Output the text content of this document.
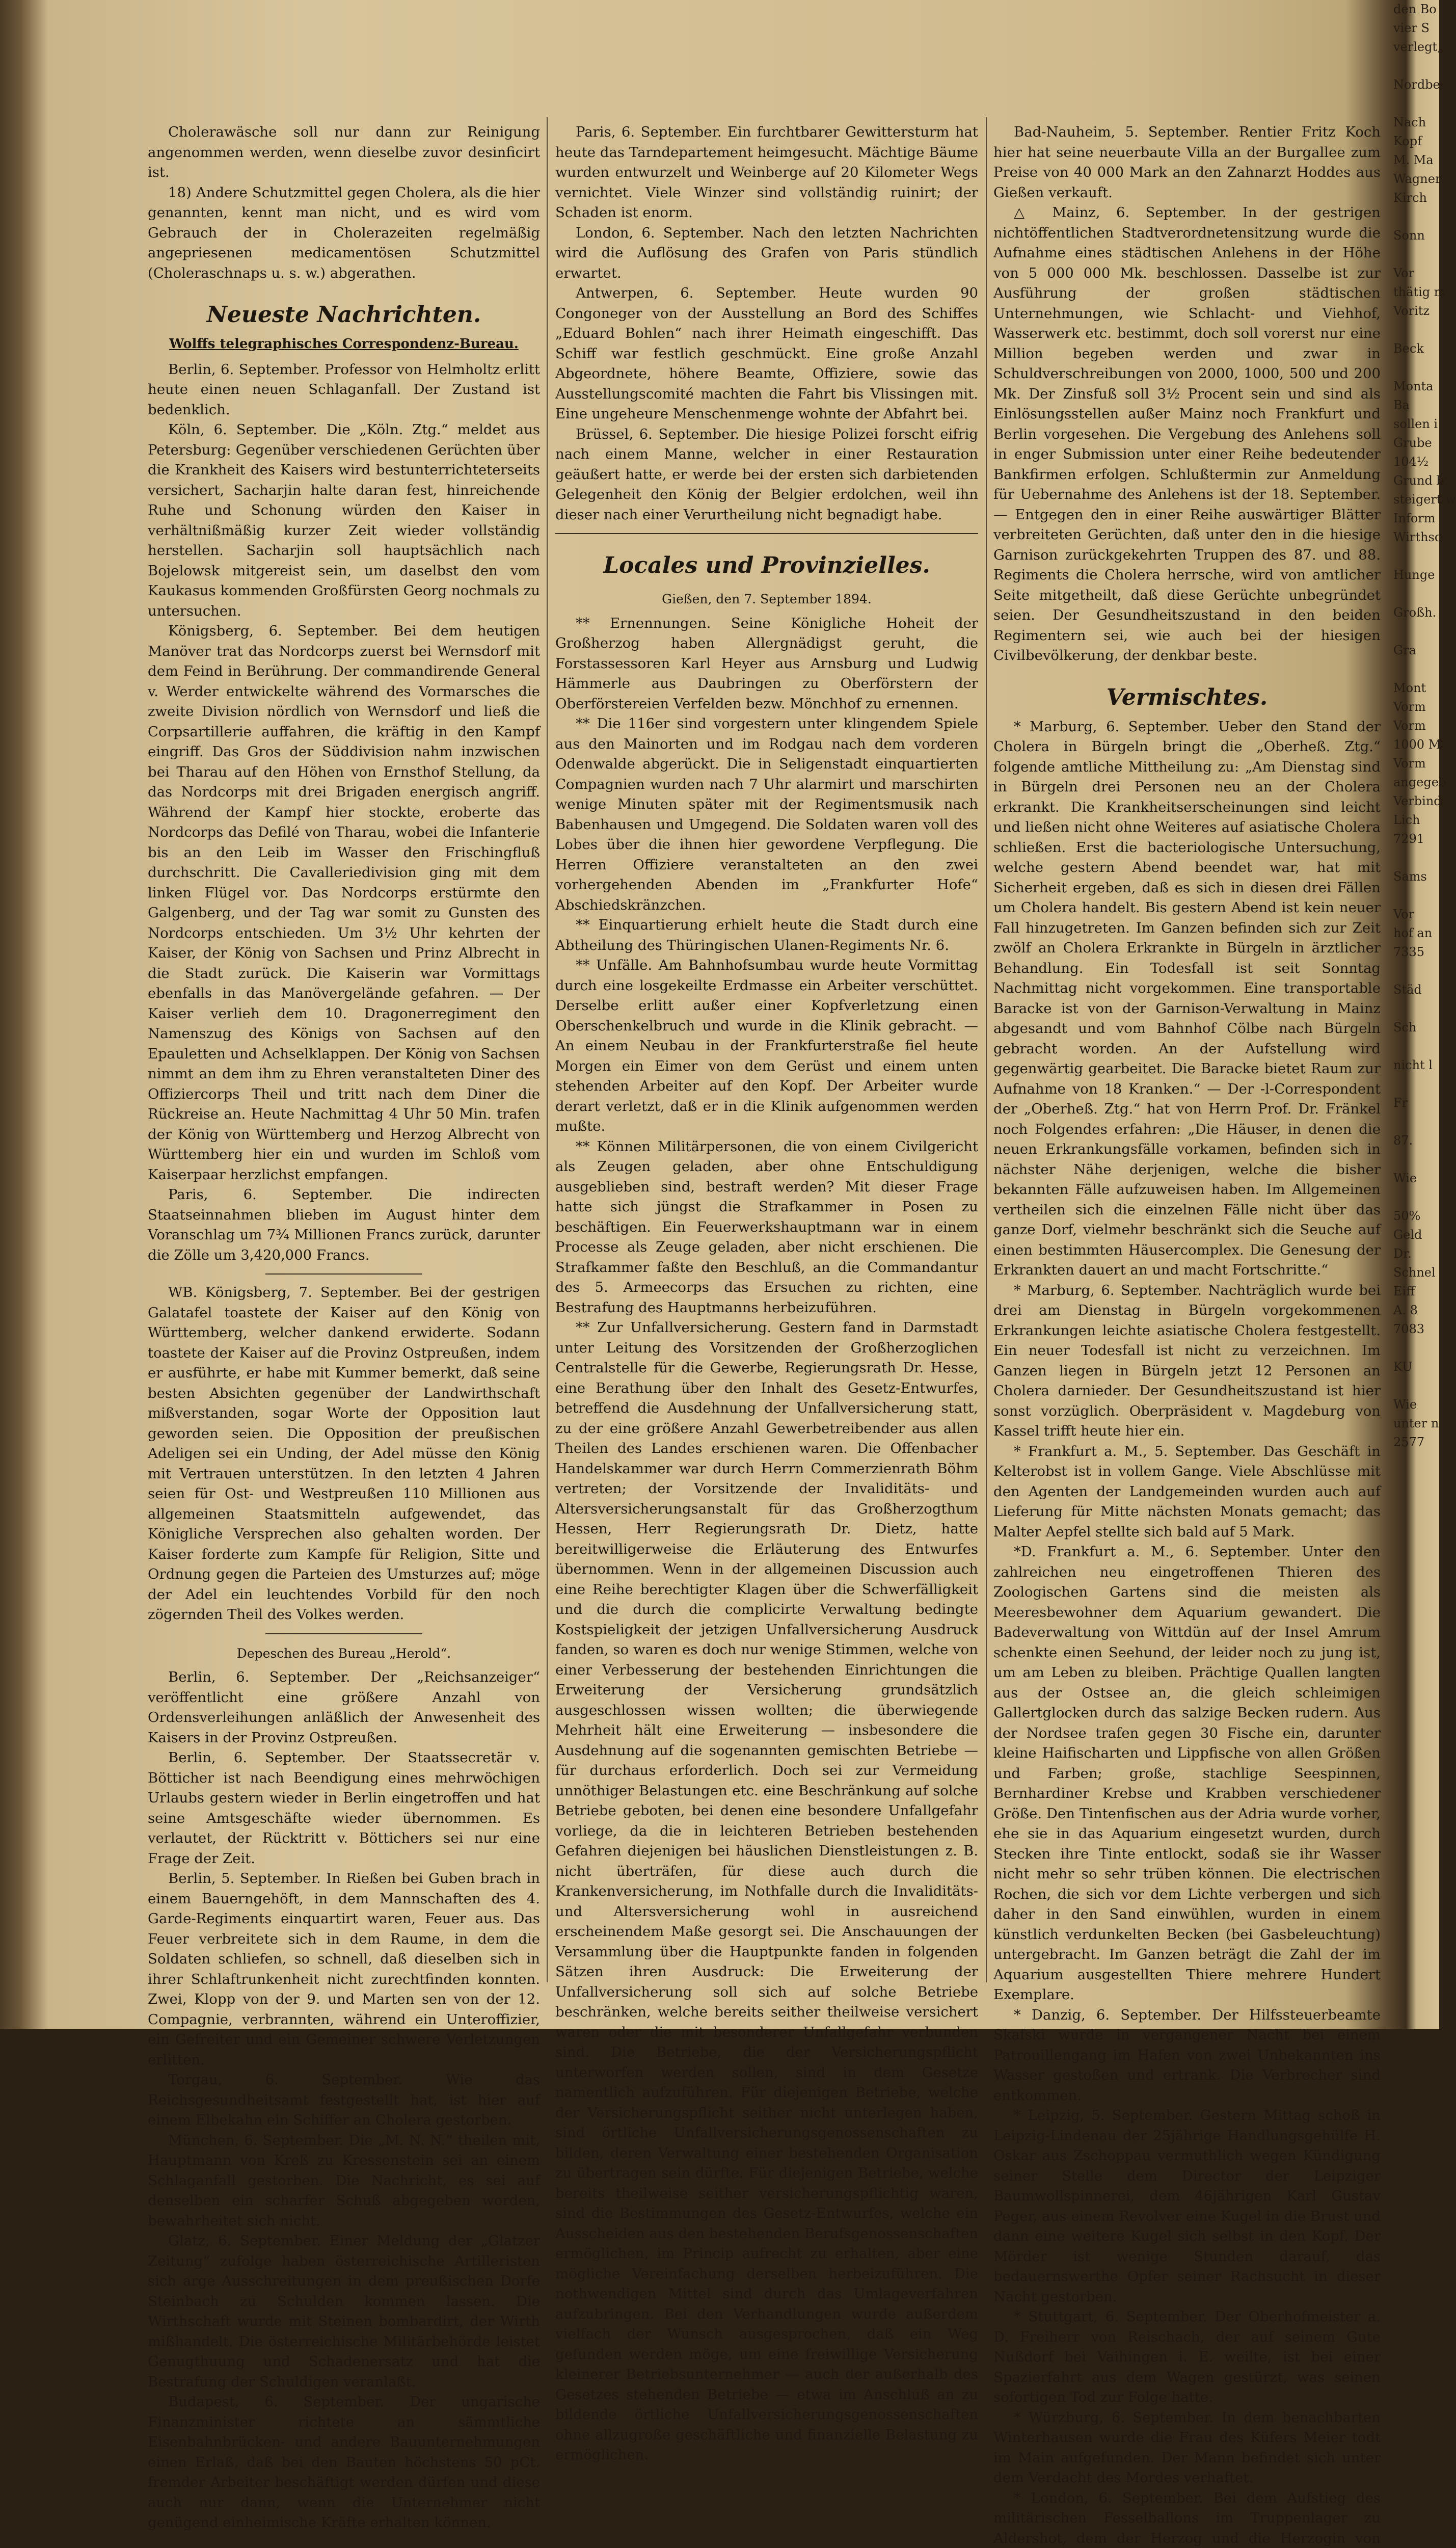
Cholerawäsche soll nur dann zur Reinigung angenommen werden, wenn dieselbe zuvor desinficirt ist.

18) Andere Schutzmittel gegen Cholera, als die hier genannten, kennt man nicht, und es wird vom Gebrauch der in Cholerazeiten regelmäßig angepriesenen medicamentösen Schutzmittel (Choleraschnaps u. s. w.) abgerathen.

Neueste Nachrichten.
Wolffs telegraphisches Correspondenz-Bureau.

Berlin, 6. September. Professor von Helmholtz erlitt heute einen neuen Schlaganfall. Der Zustand ist bedenklich.

Köln, 6. September. Die „Köln. Ztg.“ meldet aus Petersburg: Gegenüber verschiedenen Gerüchten über die Krankheit des Kaisers wird bestunterrichteterseits versichert, Sacharjin halte daran fest, hinreichende Ruhe und Schonung würden den Kaiser in verhältnißmäßig kurzer Zeit wieder vollständig herstellen. Sacharjin soll hauptsächlich nach Bojelowsk mitgereist sein, um daselbst den vom Kaukasus kommenden Großfürsten Georg nochmals zu untersuchen.

Königsberg, 6. September. Bei dem heutigen Manöver trat das Nordcorps zuerst bei Wernsdorf mit dem Feind in Berührung. Der commandirende General v. Werder entwickelte während des Vormarsches die zweite Division nördlich von Wernsdorf und ließ die Corpsartillerie auffahren, die kräftig in den Kampf eingriff. Das Gros der Süddivision nahm inzwischen bei Tharau auf den Höhen von Ernsthof Stellung, da das Nordcorps mit drei Brigaden energisch angriff. Während der Kampf hier stockte, eroberte das Nordcorps das Defilé von Tharau, wobei die Infanterie bis an den Leib im Wasser den Frischingfluß durchschritt. Die Cavalleriedivision ging mit dem linken Flügel vor. Das Nordcorps erstürmte den Galgenberg, und der Tag war somit zu Gunsten des Nordcorps entschieden. Um 3½ Uhr kehrten der Kaiser, der König von Sachsen und Prinz Albrecht in die Stadt zurück. Die Kaiserin war Vormittags ebenfalls in das Manövergelände gefahren. — Der Kaiser verlieh dem 10. Dragonerregiment den Namenszug des Königs von Sachsen auf den Epauletten und Achselklappen. Der König von Sachsen nimmt an dem ihm zu Ehren veranstalteten Diner des Offiziercorps Theil und tritt nach dem Diner die Rückreise an. Heute Nachmittag 4 Uhr 50 Min. trafen der König von Württemberg und Herzog Albrecht von Württemberg hier ein und wurden im Schloß vom Kaiserpaar herzlichst empfangen.

Paris, 6. September. Die indirecten Staatseinnahmen blieben im August hinter dem Voranschlag um 7¾ Millionen Francs zurück, darunter die Zölle um 3,420,000 Francs.

WB. Königsberg, 7. September. Bei der gestrigen Galatafel toastete der Kaiser auf den König von Württemberg, welcher dankend erwiderte. Sodann toastete der Kaiser auf die Provinz Ostpreußen, indem er ausführte, er habe mit Kummer bemerkt, daß seine besten Absichten gegenüber der Landwirthschaft mißverstanden, sogar Worte der Opposition laut geworden seien. Die Opposition der preußischen Adeligen sei ein Unding, der Adel müsse den König mit Vertrauen unterstützen. In den letzten 4 Jahren seien für Ost- und Westpreußen 110 Millionen aus allgemeinen Staatsmitteln aufgewendet, das Königliche Versprechen also gehalten worden. Der Kaiser forderte zum Kampfe für Religion, Sitte und Ordnung gegen die Parteien des Umsturzes auf; möge der Adel ein leuchtendes Vorbild für den noch zögernden Theil des Volkes werden.

Depeschen des Bureau „Herold“.

Berlin, 6. September. Der „Reichsanzeiger“ veröffentlicht eine größere Anzahl von Ordensverleihungen anläßlich der Anwesenheit des Kaisers in der Provinz Ostpreußen.

Berlin, 6. September. Der Staatssecretär v. Bötticher ist nach Beendigung eines mehrwöchigen Urlaubs gestern wieder in Berlin eingetroffen und hat seine Amtsgeschäfte wieder übernommen. Es verlautet, der Rücktritt v. Böttichers sei nur eine Frage der Zeit.

Berlin, 5. September. In Rießen bei Guben brach in einem Bauerngehöft, in dem Mannschaften des 4. Garde-Regiments einquartirt waren, Feuer aus. Das Feuer verbreitete sich in dem Raume, in dem die Soldaten schliefen, so schnell, daß dieselben sich in ihrer Schlaftrunkenheit nicht zurechtfinden konnten. Zwei, Klopp von der 9. und Marten sen von der 12. Compagnie, verbrannten, während ein Unteroffizier, ein Gefreiter und ein Gemeiner schwere Verletzungen erlitten.

Torgau, 6. September. Wie das Reichsgesundheitsamt festgestellt hat, ist hier auf einem Elbekahn ein Schiffer an Cholera gestorben.

München, 6. September. Die „M. N. N.“ theilen mit, Hauptmann von Kreß zu Kressenstein sei an einem Schlaganfall gestorben. Die Nachricht, es sei auf denselben ein scharfer Schuß abgegeben worden, bewahrheitet sich nicht.

Glatz, 6. September. Einer Meldung der „Glatzer Zeitung“ zufolge haben österreichische Artilleristen sich arge Ausschreitungen in dem preußischen Dorfe Steinbach zu Schulden kommen lassen. Die Wirthschaft wurde mit Steinen bombardirt, der Wirth mißhandelt. Die österreichische Militärbehörde leistet Genugthuung und Schadenersatz und hat die Bestrafung der Schuldigen veranlaßt.

Budapest, 6. September. Der ungarische Finanzminister richtete an sämmtliche Eisenbahnbrücken- und andere Bauunternehmungen einen Erlaß, daß bei den Bauten höchstens 50 pCt. fremder Arbeiter beschäftigt werden dürfen und diese auch nur dann, wenn die Unternehmer nicht genügend einheimische Kräfte erhalten können.

Paris, 6. September. Ein furchtbarer Gewittersturm hat heute das Tarndepartement heimgesucht. Mächtige Bäume wurden entwurzelt und Weinberge auf 20 Kilometer Wegs vernichtet. Viele Winzer sind vollständig ruinirt; der Schaden ist enorm.

London, 6. September. Nach den letzten Nachrichten wird die Auflösung des Grafen von Paris stündlich erwartet.

Antwerpen, 6. September. Heute wurden 90 Congoneger von der Ausstellung an Bord des Schiffes „Eduard Bohlen“ nach ihrer Heimath eingeschifft. Das Schiff war festlich geschmückt. Eine große Anzahl Abgeordnete, höhere Beamte, Offiziere, sowie das Ausstellungscomité machten die Fahrt bis Vlissingen mit. Eine ungeheure Menschenmenge wohnte der Abfahrt bei.

Brüssel, 6. September. Die hiesige Polizei forscht eifrig nach einem Manne, welcher in einer Restauration geäußert hatte, er werde bei der ersten sich darbietenden Gelegenheit den König der Belgier erdolchen, weil ihn dieser nach einer Verurtheilung nicht begnadigt habe.

Locales und Provinzielles.
Gießen, den 7. September 1894.

** Ernennungen. Seine Königliche Hoheit der Großherzog haben Allergnädigst geruht, die Forstassessoren Karl Heyer aus Arnsburg und Ludwig Hämmerle aus Daubringen zu Oberförstern der Oberförstereien Verfelden bezw. Mönchhof zu ernennen.

** Die 116er sind vorgestern unter klingendem Spiele aus den Mainorten und im Rodgau nach dem vorderen Odenwalde abgerückt. Die in Seligenstadt einquartierten Compagnien wurden nach 7 Uhr alarmirt und marschirten wenige Minuten später mit der Regimentsmusik nach Babenhausen und Umgegend. Die Soldaten waren voll des Lobes über die ihnen hier gewordene Verpflegung. Die Herren Offiziere veranstalteten an den zwei vorhergehenden Abenden im „Frankfurter Hofe“ Abschiedskränzchen.

** Einquartierung erhielt heute die Stadt durch eine Abtheilung des Thüringischen Ulanen-Regiments Nr. 6.

** Unfälle. Am Bahnhofsumbau wurde heute Vormittag durch eine losgekeilte Erdmasse ein Arbeiter verschüttet. Derselbe erlitt außer einer Kopfverletzung einen Oberschenkelbruch und wurde in die Klinik gebracht. — An einem Neubau in der Frankfurterstraße fiel heute Morgen ein Eimer von dem Gerüst und einem unten stehenden Arbeiter auf den Kopf. Der Arbeiter wurde derart verletzt, daß er in die Klinik aufgenommen werden mußte.

** Können Militärpersonen, die von einem Civilgericht als Zeugen geladen, aber ohne Entschuldigung ausgeblieben sind, bestraft werden? Mit dieser Frage hatte sich jüngst die Strafkammer in Posen zu beschäftigen. Ein Feuerwerkshauptmann war in einem Processe als Zeuge geladen, aber nicht erschienen. Die Strafkammer faßte den Beschluß, an die Commandantur des 5. Armeecorps das Ersuchen zu richten, eine Bestrafung des Hauptmanns herbeizuführen.

** Zur Unfallversicherung. Gestern fand in Darmstadt unter Leitung des Vorsitzenden der Großherzoglichen Centralstelle für die Gewerbe, Regierungsrath Dr. Hesse, eine Berathung über den Inhalt des Gesetz-Entwurfes, betreffend die Ausdehnung der Unfallversicherung statt, zu der eine größere Anzahl Gewerbetreibender aus allen Theilen des Landes erschienen waren. Die Offenbacher Handelskammer war durch Herrn Commerzienrath Böhm vertreten; der Vorsitzende der Invaliditäts- und Altersversicherungsanstalt für das Großherzogthum Hessen, Herr Regierungsrath Dr. Dietz, hatte bereitwilligerweise die Erläuterung des Entwurfes übernommen. Wenn in der allgemeinen Discussion auch eine Reihe berechtigter Klagen über die Schwerfälligkeit und die durch die complicirte Verwaltung bedingte Kostspieligkeit der jetzigen Unfallversicherung Ausdruck fanden, so waren es doch nur wenige Stimmen, welche von einer Verbesserung der bestehenden Einrichtungen die Erweiterung der Versicherung grundsätzlich ausgeschlossen wissen wollten; die überwiegende Mehrheit hält eine Erweiterung — insbesondere die Ausdehnung auf die sogenannten gemischten Betriebe — für durchaus erforderlich. Doch sei zur Vermeidung unnöthiger Belastungen etc. eine Beschränkung auf solche Betriebe geboten, bei denen eine besondere Unfallgefahr vorliege, da die in leichteren Betrieben bestehenden Gefahren diejenigen bei häuslichen Dienstleistungen z. B. nicht überträfen, für diese auch durch die Krankenversicherung, im Nothfalle durch die Invaliditäts- und Altersversicherung wohl in ausreichend erscheinendem Maße gesorgt sei. Die Anschauungen der Versammlung über die Hauptpunkte fanden in folgenden Sätzen ihren Ausdruck: Die Erweiterung der Unfallversicherung soll sich auf solche Betriebe beschränken, welche bereits seither theilweise versichert waren oder die mit besonderer Unfallgefahr verbunden sind. Die Betriebe, die der Versicherungspflicht unterworfen werden sollen, sind in dem Gesetze namentlich aufzuführen. Für diejenigen Betriebe, welche der Versicherungspflicht seither nicht unterlegen haben, sind örtliche Unfallversicherungsgenossenschaften zu bilden, deren Verwaltung einer bestehenden Organisation zu übertragen sein dürfte. Für diejenigen Betriebe, welche bereits theilweise seither versicherungspflichtig waren, sind die Bestimmungen des Gesetz-Entwurfes, welche ein Ausscheiden aus den bestehenden Berufsgenossenschaften ermöglichen, im Princip aufrecht zu erhalten, aber eine mögliche Vereinfachung derselben herbeizuführen. Die nothwendigen Mittel sind durch das Umlageverfahren aufzubringen. Bei den Verhandlungen wurde außerdem vielfach der Wunsch ausgesprochen, daß ein Weg gefunden werden möge, um eine freiwillige Versicherung kleinerer Betriebsunternehmer — auch der außerhalb des Gesetzes stehenden Betriebe — etwa im Anschluß an zu bildende örtliche Unfallversicherungsgenossenschaften ohne allzugroße geschäftliche und finanzielle Belastung zu ermöglichen.

Bad-Nauheim, 5. September. Rentier Fritz Koch hier hat seine neuerbaute Villa an der Burgallee zum Preise von 40 000 Mark an den Zahnarzt Hoddes aus Gießen verkauft.

△ Mainz, 6. September. In der gestrigen nichtöffentlichen Stadtverordnetensitzung wurde die Aufnahme eines städtischen Anlehens in der Höhe von 5 000 000 Mk. beschlossen. Dasselbe ist zur Ausführung der großen städtischen Unternehmungen, wie Schlacht- und Viehhof, Wasserwerk etc. bestimmt, doch soll vorerst nur eine Million begeben werden und zwar in Schuldverschreibungen von 2000, 1000, 500 und 200 Mk. Der Zinsfuß soll 3½ Procent sein und sind als Einlösungsstellen außer Mainz noch Frankfurt und Berlin vorgesehen. Die Vergebung des Anlehens soll in enger Submission unter einer Reihe bedeutender Bankfirmen erfolgen. Schlußtermin zur Anmeldung für Uebernahme des Anlehens ist der 18. September. — Entgegen den in einer Reihe auswärtiger Blätter verbreiteten Gerüchten, daß unter den in die hiesige Garnison zurückgekehrten Truppen des 87. und 88. Regiments die Cholera herrsche, wird von amtlicher Seite mitgetheilt, daß diese Gerüchte unbegründet seien. Der Gesundheitszustand in den beiden Regimentern sei, wie auch bei der hiesigen Civilbevölkerung, der denkbar beste.

Vermischtes.

* Marburg, 6. September. Ueber den Stand der Cholera in Bürgeln bringt die „Oberheß. Ztg.“ folgende amtliche Mittheilung zu: „Am Dienstag sind in Bürgeln drei Personen neu an der Cholera erkrankt. Die Krankheitserscheinungen sind leicht und ließen nicht ohne Weiteres auf asiatische Cholera schließen. Erst die bacteriologische Untersuchung, welche gestern Abend beendet war, hat mit Sicherheit ergeben, daß es sich in diesen drei Fällen um Cholera handelt. Bis gestern Abend ist kein neuer Fall hinzugetreten. Im Ganzen befinden sich zur Zeit zwölf an Cholera Erkrankte in Bürgeln in ärztlicher Behandlung. Ein Todesfall ist seit Sonntag Nachmittag nicht vorgekommen. Eine transportable Baracke ist von der Garnison-Verwaltung in Mainz abgesandt und vom Bahnhof Cölbe nach Bürgeln gebracht worden. An der Aufstellung wird gegenwärtig gearbeitet. Die Baracke bietet Raum zur Aufnahme von 18 Kranken.“ — Der -l-Correspondent der „Oberheß. Ztg.“ hat von Herrn Prof. Dr. Fränkel noch Folgendes erfahren: „Die Häuser, in denen die neuen Erkrankungsfälle vorkamen, befinden sich in nächster Nähe derjenigen, welche die bisher bekannten Fälle aufzuweisen haben. Im Allgemeinen vertheilen sich die einzelnen Fälle nicht über das ganze Dorf, vielmehr beschränkt sich die Seuche auf einen bestimmten Häusercomplex. Die Genesung der Erkrankten dauert an und macht Fortschritte.“

* Marburg, 6. September. Nachträglich wurde bei drei am Dienstag in Bürgeln vorgekommenen Erkrankungen leichte asiatische Cholera festgestellt. Ein neuer Todesfall ist nicht zu verzeichnen. Im Ganzen liegen in Bürgeln jetzt 12 Personen an Cholera darnieder. Der Gesundheitszustand ist hier sonst vorzüglich. Oberpräsident v. Magdeburg von Kassel trifft heute hier ein.

* Frankfurt a. M., 5. September. Das Geschäft in Kelterobst ist in vollem Gange. Viele Abschlüsse mit den Agenten der Landgemeinden wurden auch auf Lieferung für Mitte nächsten Monats gemacht; das Malter Aepfel stellte sich bald auf 5 Mark.

*D. Frankfurt a. M., 6. September. Unter den zahlreichen neu eingetroffenen Thieren des Zoologischen Gartens sind die meisten als Meeresbewohner dem Aquarium gewandert. Die Badeverwaltung von Wittdün auf der Insel Amrum schenkte einen Seehund, der leider noch zu jung ist, um am Leben zu bleiben. Prächtige Quallen langten aus der Ostsee an, die gleich schleimigen Gallertglocken durch das salzige Becken rudern. Aus der Nordsee trafen gegen 30 Fische ein, darunter kleine Haifischarten und Lippfische von allen Größen und Farben; große, stachlige Seespinnen, Bernhardiner Krebse und Krabben verschiedener Größe. Den Tintenfischen aus der Adria wurde vorher, ehe sie in das Aquarium eingesetzt wurden, durch Stecken ihre Tinte entlockt, sodaß sie ihr Wasser nicht mehr so sehr trüben können. Die electrischen Rochen, die sich vor dem Lichte verbergen und sich daher in den Sand einwühlen, wurden in einem künstlich verdunkelten Becken (bei Gasbeleuchtung) untergebracht. Im Ganzen beträgt die Zahl der im Aquarium ausgestellten Thiere mehrere Hundert Exemplare.

* Danzig, 6. September. Der Hilfssteuerbeamte Skafski wurde in vergangener Nacht bei einem Patrouillengang im Hafen von zwei Unbekannten ins Wasser gestoßen und ertrank. Die Verbrecher sind entkommen.

* Leipzig, 5. September. Gestern Mittag schoß in Leipzig-Lindenau der 25jährige Handlungsgehülfe H. Oskar aus Zschoppau vermuthlich wegen Kündigung seiner Stelle dem Director der Leipziger Baumwollspinnerei, dem 46jährigen Karl Gustav Peger, aus einem Revolver eine Kugel in die Brust und dann eine weitere Kugel sich selbst in den Kopf. Der Mörder ist wenige Stunden darauf, das bedauernswerthe Opfer seiner Rachsucht in dieser Nacht gestorben.

* Stuttgart, 6. September. Der Oberhofmeister a. D. Freiherr von Reischach, der auf seinem Gute Nußdorf bei Vaihingen i. E. weilte, ist bei einer Spazierfahrt aus dem Wagen gestürzt, was seinen sofortigen Tod zur Folge hatte.

* Würzburg, 6. September. In dem benachbarten Winterhausen wurde die Frau des Küfers Meier todt im Main aufgefunden. Der Mann befindet sich unter dem Verdacht des Mordes verhaftet.

* London, 6. September. Bei dem Aufstieg des militärischen Fesselballons im Truppenlager zu Aldershot, dem der Herzog und die Herzogin von

den Bo
vier S
verlegt,

Nordbe

Nach
Kopf
M. Ma
Wagner
Kirch

Sonn

Vor
thätig m
Voritz

Beck

Monta
Ba
sollen i
Grube
104½
Grund b
steigert w
Inform
Wirthsc

Hunge

Großh.

Gra

Mont
Vorm
Vorm
1000 M
Vorm
angegeb
Verbind
Lich
7291

Sams

Vor
hof an
7335

Städ

Sch

nicht l

Fr

87.

Wie

50%
Geld
Dr.
Schnel
Eiff
A. 8
7083

KU

Wie
unter n
2577
